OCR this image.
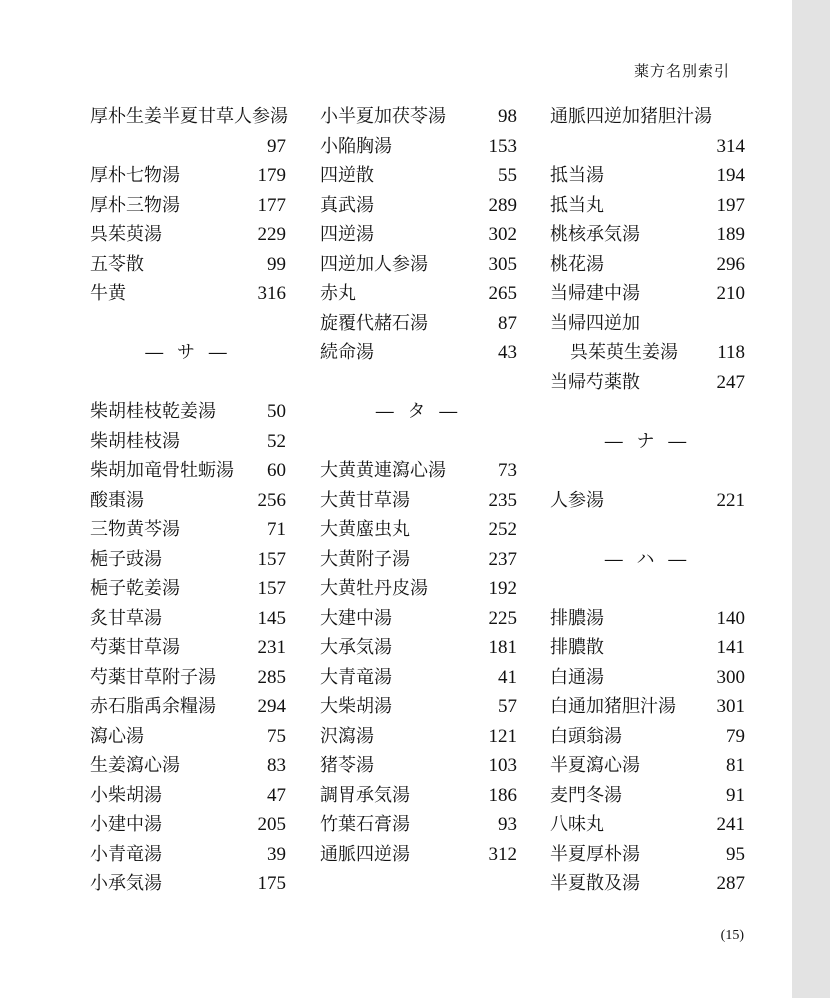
薬方名別索引
厚朴生姜半夏甘草人参湯
97
厚朴七物湯	179
厚朴三物湯	177
呉茱萸湯	229
五苓散	99
牛黄	316
― サ ―
柴胡桂枝乾姜湯	50
柴胡桂枝湯	52
柴胡加竜骨牡蛎湯 60
酸棗湯	256
三物黄芩湯	71
梔子豉湯	157
梔子乾姜湯	157
炙甘草湯	145
芍薬甘草湯	231
芍薬甘草附子湯 285
赤石脂禹余糧湯 294
瀉心湯	75
生姜瀉心湯	83
小柴胡湯	47
小建中湯	205
小青竜湯	39
小承気湯	175
小半夏加茯苓湯	98
小陥胸湯	153
四逆散	55
真武湯	289
四逆湯	302
四逆加人参湯	305
赤丸	265
旋覆代赭石湯	87
続命湯	43
― タ ―
大黄黄連瀉心湯	73
大黄甘草湯	235
大黄䗪虫丸	252
大黄附子湯	237
大黄牡丹皮湯	192
大建中湯	225
大承気湯	181
大青竜湯	41
大柴胡湯	57
沢瀉湯	121
猪苓湯	103
調胃承気湯	186
竹葉石膏湯	93
通脈四逆湯	312
通脈四逆加猪胆汁湯
314
抵当湯	194
抵当丸	197
桃核承気湯	189
桃花湯	296
当帰建中湯	210
当帰四逆加
呉茱萸生姜湯 118
当帰芍薬散	247
― ナ ―
人参湯	221
― ハ ―
排膿湯	140
排膿散	141
白通湯	300
白通加猪胆汁湯 301
白頭翁湯	79
半夏瀉心湯	81
麦門冬湯	91
八味丸	241
半夏厚朴湯	95
半夏散及湯	287
(15)
